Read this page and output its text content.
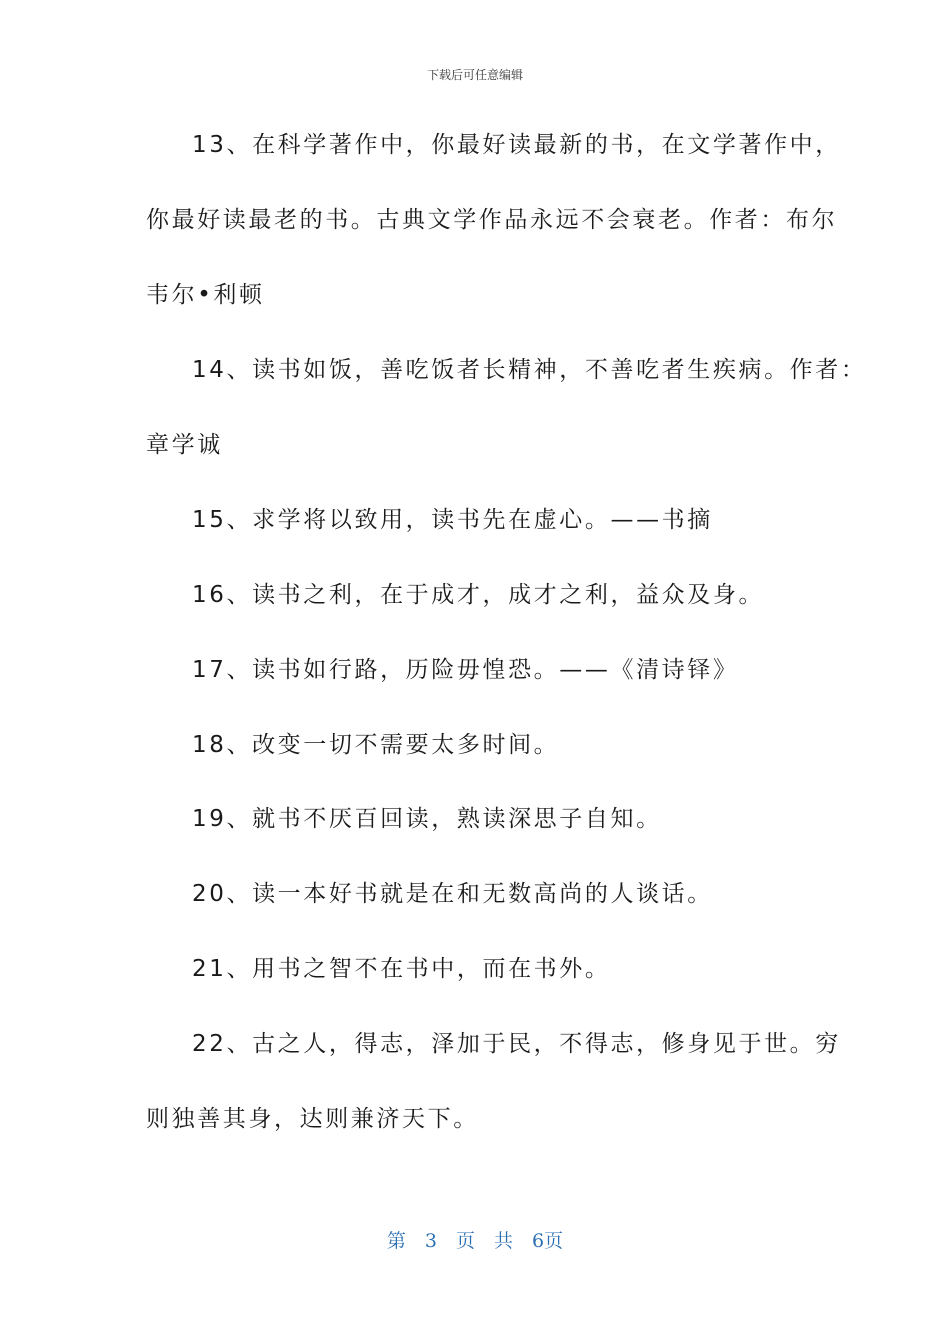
下载后可任意编辑
13、在科学著作中，你最好读最新的书，在文学著作中，
你最好读最老的书。古典文学作品永远不会衰老。作者：布尔
韦尔•利顿
14、读书如饭，善吃饭者长精神，不善吃者生疾病。作者：
章学诚
15、求学将以致用，读书先在虚心。——书摘
16、读书之利，在于成才，成才之利，益众及身。
17、读书如行路，历险毋惶恐。——《清诗铎》
18、改变一切不需要太多时间。
19、就书不厌百回读，熟读深思子自知。
20、读一本好书就是在和无数高尚的人谈话。
21、用书之智不在书中，而在书外。
22、古之人，得志，泽加于民，不得志，修身见于世。穷
则独善其身，达则兼济天下。
第　3　页　共　6页
